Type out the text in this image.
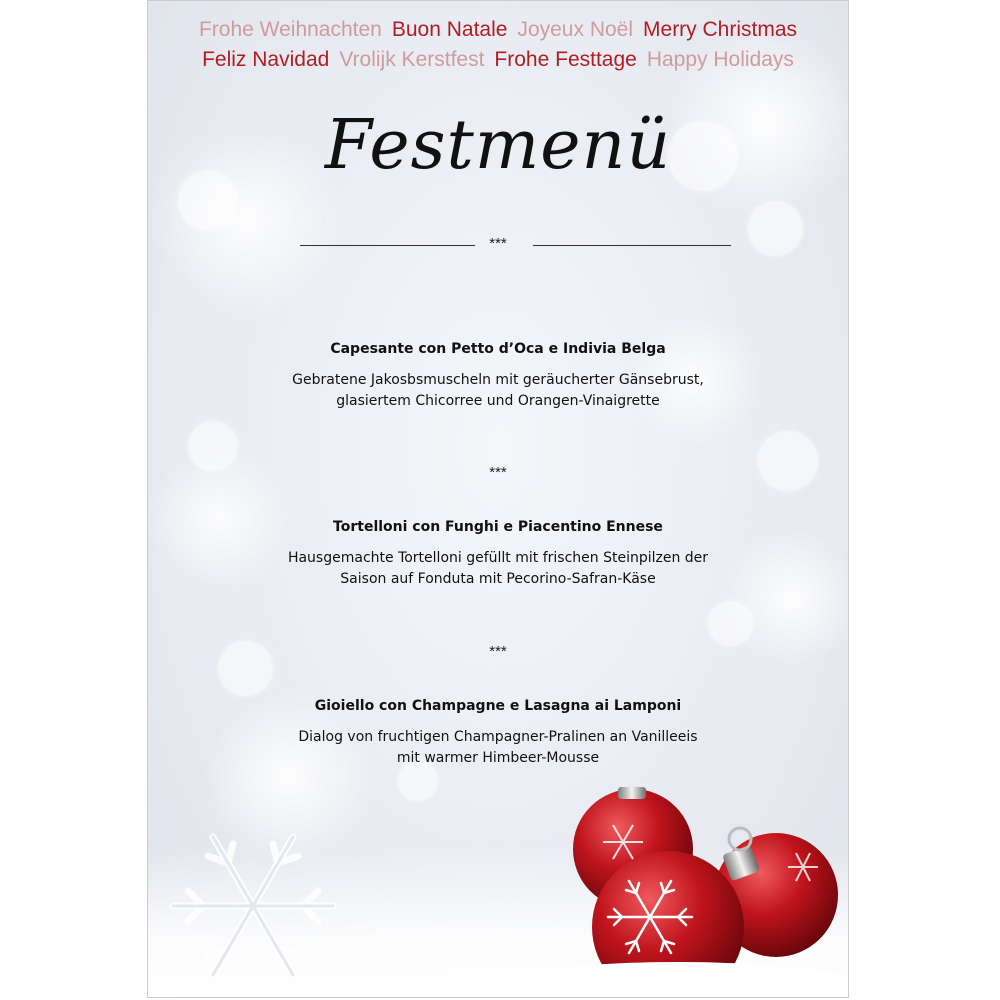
Frohe Weihnachten Buon Natale Joyeux Noël Merry Christmas
Feliz Navidad Vrolijk Kerstfest Frohe Festtage Happy Holidays
Festmenü
***
Capesante con Petto d’Oca e Indivia Belga
Gebratene Jakosbsmuscheln mit geräucherter Gänsebrust,
glasiertem Chicorree und Orangen-Vinaigrette
***
Tortelloni con Funghi e Piacentino Ennese
Hausgemachte Tortelloni gefüllt mit frischen Steinpilzen der
Saison auf Fonduta mit Pecorino-Safran-Käse
***
Gioiello con Champagne e Lasagna ai Lamponi
Dialog von fruchtigen Champagner-Pralinen an Vanilleeis
mit warmer Himbeer-Mousse
